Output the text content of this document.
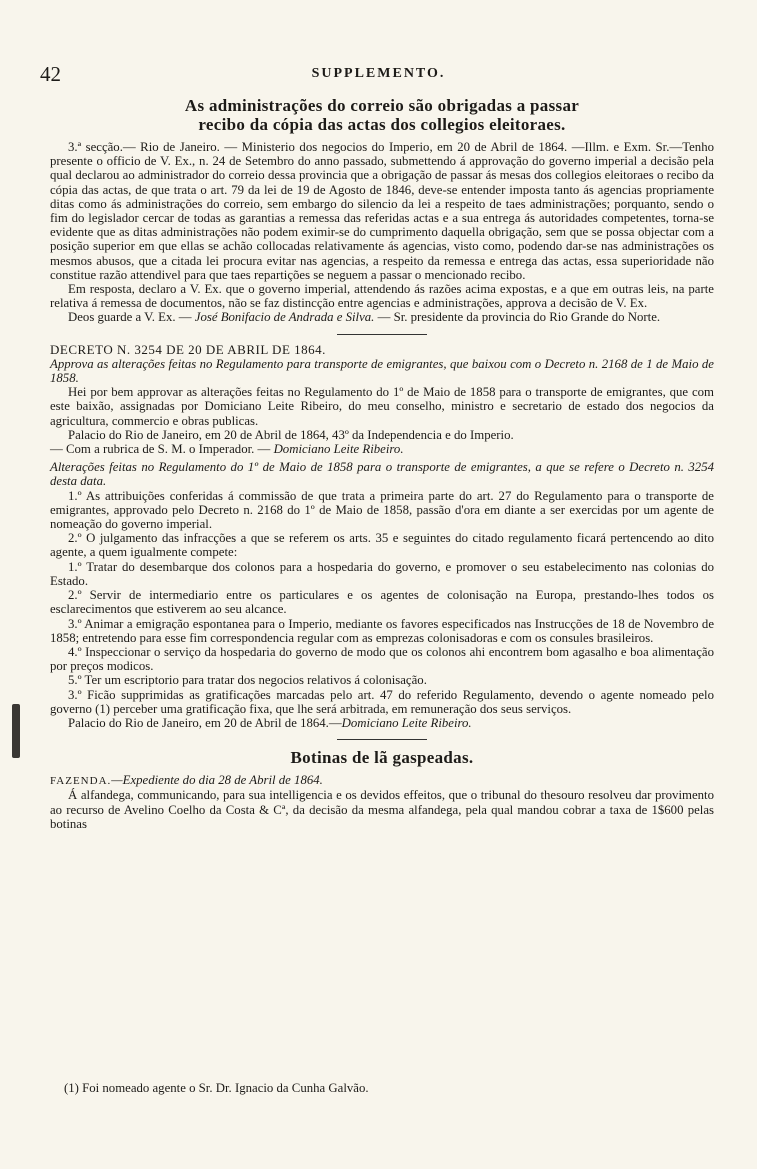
42	SUPPLEMENTO.
As administrações do correio são obrigadas a passar
recibo da cópia das actas dos collegios eleitoraes.

3.ª secção.— Rio de Janeiro. — Ministerio dos negocios do Imperio, em 20 de Abril de 1864. —Illm. e Exm. Sr.—Tenho presente o officio de V. Ex., n. 24 de Setembro do anno passado, submettendo á approvação do governo imperial a decisão pela qual declarou ao administrador do correio dessa provincia que a obrigação de passar ás mesas dos collegios eleitoraes o recibo da cópia das actas, de que trata o art. 79 da lei de 19 de Agosto de 1846, deve-se entender imposta tanto ás agencias propriamente ditas como ás administrações do correio, sem embargo do silencio da lei a respeito de taes administrações; porquanto, sendo o fim do legislador cercar de todas as garantias a remessa das referidas actas e a sua entrega ás autoridades competentes, torna-se evidente que as ditas administrações não podem eximir-se do cumprimento daquella obrigação, sem que se possa objectar com a posição superior em que ellas se achão collocadas relativamente ás agencias, visto como, podendo dar-se nas administrações os mesmos abusos, que a citada lei procura evitar nas agencias, a respeito da remessa e entrega das actas, essa superioridade não constitue razão attendivel para que taes repartições se neguem a passar o mencionado recibo.

Em resposta, declaro a V. Ex. que o governo imperial, attendendo ás razões acima expostas, e a que em outras leis, na parte relativa á remessa de documentos, não se faz distincção entre agencias e administrações, approva a decisão de V. Ex.

Deos guarde a V. Ex. — José Bonifacio de Andrada e Silva. — Sr. presidente da provincia do Rio Grande do Norte.

DECRETO N. 3254 DE 20 DE ABRIL DE 1864.

Approva as alterações feitas no Regulamento para transporte de emigrantes, que baixou com o Decreto n. 2168 de 1 de Maio de 1858.

Hei por bem approvar as alterações feitas no Regulamento do 1º de Maio de 1858 para o transporte de emigrantes, que com este baixão, assignadas por Domiciano Leite Ribeiro, do meu conselho, ministro e secretario de estado dos negocios da agricultura, commercio e obras publicas.

Palacio do Rio de Janeiro, em 20 de Abril de 1864, 43º da Independencia e do Imperio.

— Com a rubrica de S. M. o Imperador. — Domiciano Leite Ribeiro.

Alterações feitas no Regulamento do 1º de Maio de 1858 para o transporte de emigrantes, a que se refere o Decreto n. 3254 desta data.

1.º As attribuições conferidas á commissão de que trata a primeira parte do art. 27 do Regulamento para o transporte de emigrantes, approvado pelo Decreto n. 2168 do 1º de Maio de 1858, passão d'ora em diante a ser exercidas por um agente de nomeação do governo imperial.

2.º O julgamento das infracções a que se referem os arts. 35 e seguintes do citado regulamento ficará pertencendo ao dito agente, a quem igualmente compete:

1.º Tratar do desembarque dos colonos para a hospedaria do governo, e promover o seu estabelecimento nas colonias do Estado.

2.º Servir de intermediario entre os particulares e os agentes de colonisação na Europa, prestando-lhes todos os esclarecimentos que estiverem ao seu alcance.

3.º Animar a emigração espontanea para o Imperio, mediante os favores especificados nas Instrucções de 18 de Novembro de 1858; entretendo para esse fim correspondencia regular com as emprezas colonisadoras e com os consules brasileiros.

4.º Inspeccionar o serviço da hospedaria do governo de modo que os colonos ahi encontrem bom agasalho e boa alimentação por preços modicos.

5.º Ter um escriptorio para tratar dos negocios relativos á colonisação.

3.º Ficão supprimidas as gratificações marcadas pelo art. 47 do referido Regulamento, devendo o agente nomeado pelo governo (1) perceber uma gratificação fixa, que lhe será arbitrada, em remuneração dos seus serviços.

Palacio do Rio de Janeiro, em 20 de Abril de 1864.—Domiciano Leite Ribeiro.

Botinas de lã gaspeadas.

FAZENDA.—Expediente do dia 28 de Abril de 1864.

Á alfandega, communicando, para sua intelligencia e os devidos effeitos, que o tribunal do thesouro resolveu dar provimento ao recurso de Avelino Coelho da Costa & Cª, da decisão da mesma alfandega, pela qual mandou cobrar a taxa de 1$600 pelas botinas

(1) Foi nomeado agente o Sr. Dr. Ignacio da Cunha Galvão.
